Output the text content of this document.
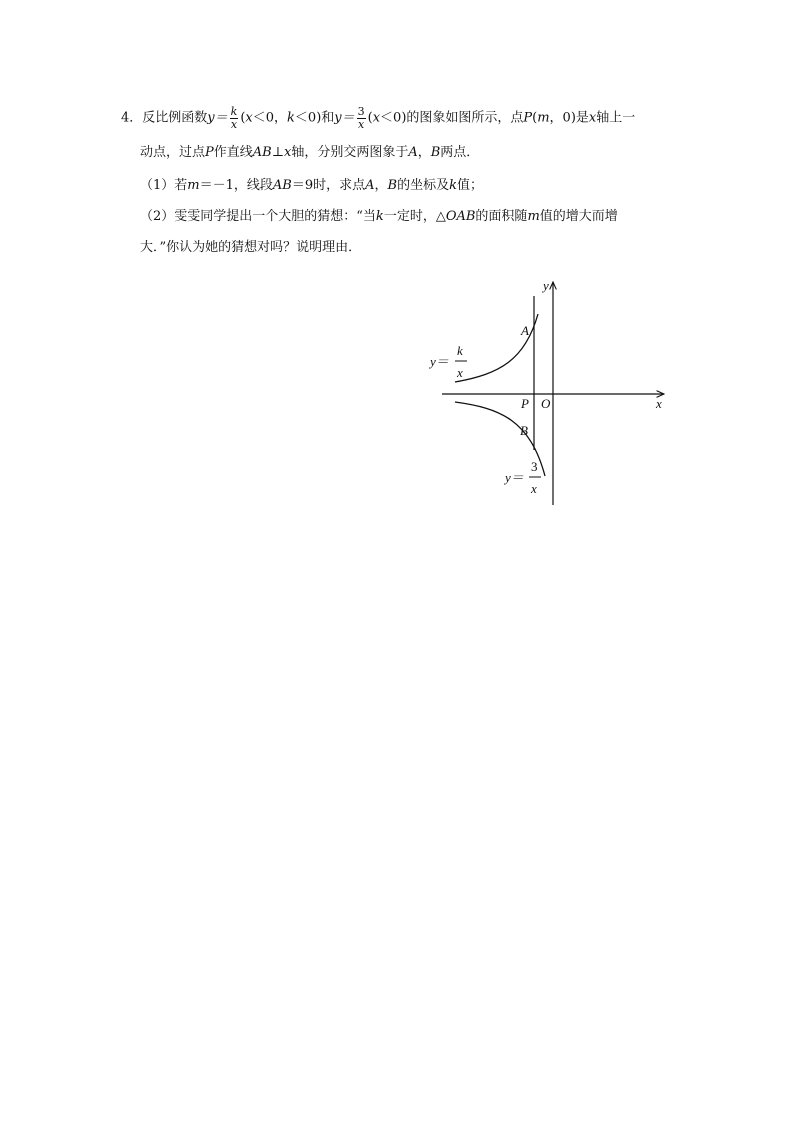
4．反比例函数$y= \frac{k}{x} (x<0$，k＜0)和$y= \frac{3}{x} (x<0)$的图象如图所示，点P(m，0)是x轴上一
动点，过点P作直线AB⊥x轴，分别交两图象于A，B两点．
（1）若m＝－1，线段AB＝9时，求点A，B的坐标及k值；
（2）雯雯同学提出一个大胆的猜想：“当k一定时，△OAB的面积随m值的增大而增
大．”你认为她的猜想对吗？说明理由．
y
x
O
P
A
B
y＝
k
x
y＝
3
x
